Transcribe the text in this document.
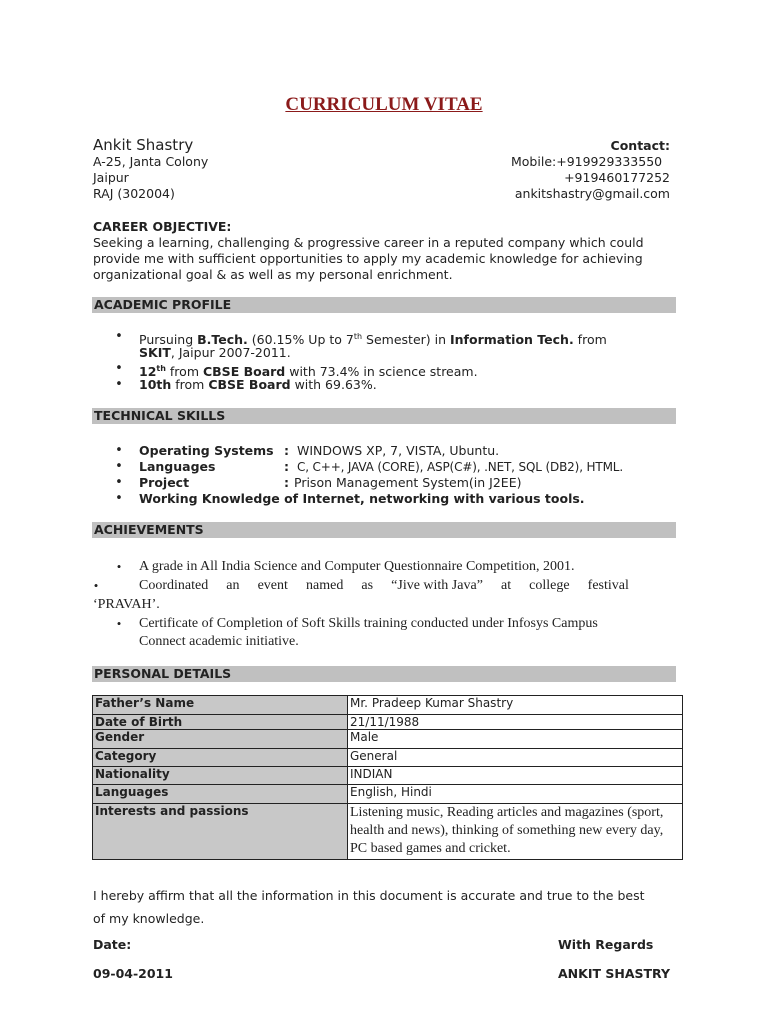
CURRICULUM VITAE
Ankit Shastry
A-25, Janta Colony
Jaipur
RAJ (302004)
Contact:
Mobile:+919929333550
+919460177252
ankitshastry@gmail.com
CAREER OBJECTIVE:
Seeking a learning, challenging & progressive career in a reputed company which could
provide me with sufficient opportunities to apply my academic knowledge for achieving
organizational goal & as well as my personal enrichment.
ACADEMIC PROFILE
• Pursuing B.Tech. (60.15% Up to 7th Semester) in Information Tech. from
SKIT, Jaipur 2007-2011.
• 12th from CBSE Board with 73.4% in science stream.
• 10th from CBSE Board with 69.63%.
TECHNICAL SKILLS
• Operating Systems : WINDOWS XP, 7, VISTA, Ubuntu.
• Languages	: C, C++, JAVA (CORE), ASP(C#), .NET, SQL (DB2), HTML.
• Project	: Prison Management System(in J2EE)
• Working Knowledge of Internet, networking with various tools.
ACHIEVEMENTS
• A grade in All India Science and Computer Questionnaire Competition, 2001.
•	Coordinated an event named as “Jive with Java” at college festival
‘PRAVAH’.
• Certificate of Completion of Soft Skills training conducted under Infosys Campus
Connect academic initiative.
PERSONAL DETAILS
Father’s Name	Mr. Pradeep Kumar Shastry
Date of Birth	21/11/1988
Gender	Male
Category	General
Nationality	INDIAN
Languages	English, Hindi
Interests and passions	Listening music, Reading articles and magazines (sport, health and news), thinking of something new every day, PC based games and cricket.
I hereby affirm that all the information in this document is accurate and true to the best
of my knowledge.
Date:	With Regards
09-04-2011	ANKIT SHASTRY
